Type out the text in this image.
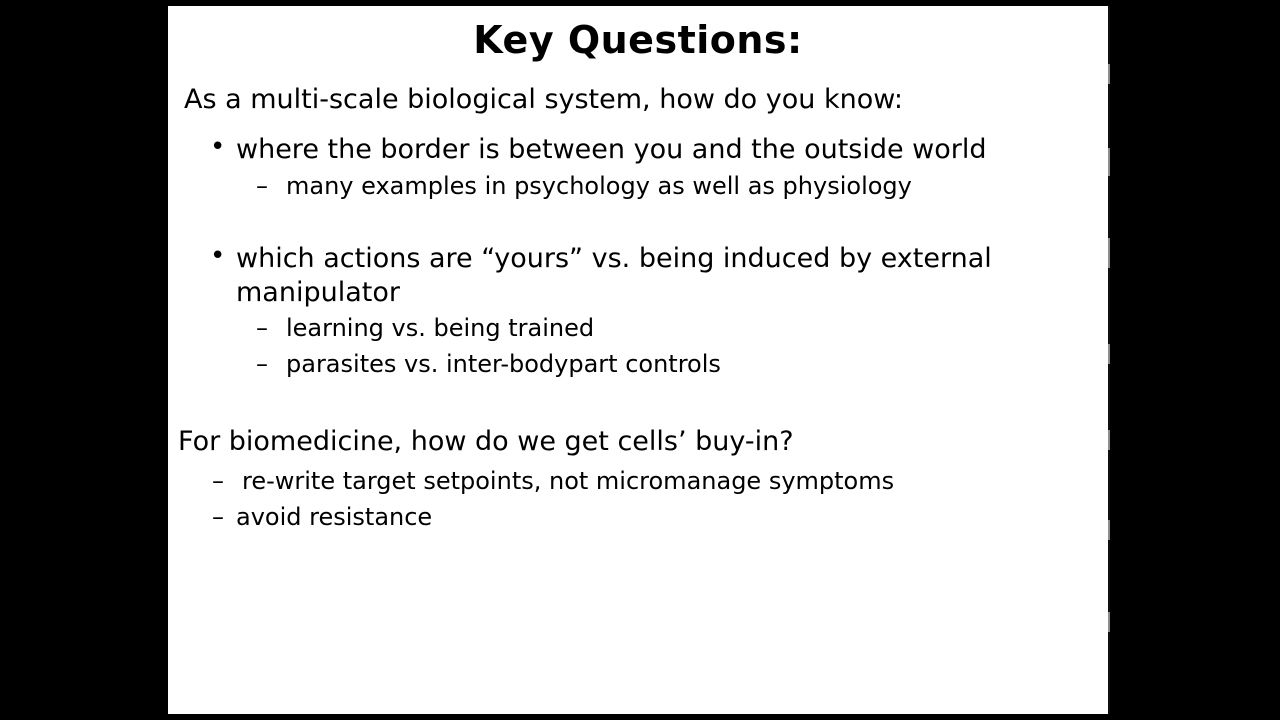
Key Questions:

As a multi-scale biological system, how do you know:

• where the border is between you and the outside world
– many examples in psychology as well as physiology
• which actions are “yours” vs. being induced by external manipulator
– learning vs. being trained
– parasites vs. inter-bodypart controls

For biomedicine, how do we get cells’ buy-in?

– re-write target setpoints, not micromanage symptoms
– avoid resistance
